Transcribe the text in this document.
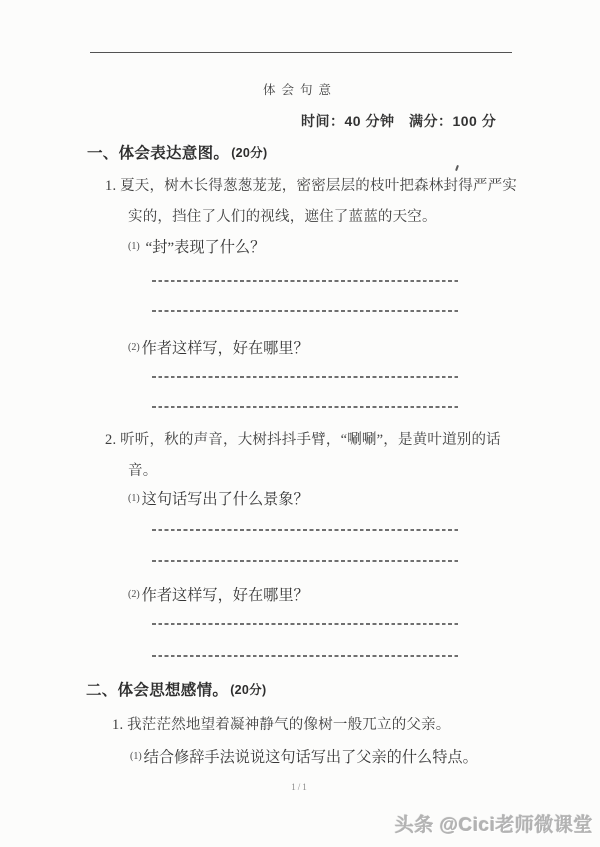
体会句意
时间：40 分钟　满分：100 分
一、体会表达意图。 (20分)
1. 夏天，树木长得葱葱茏茏，密密层层的枝叶把森林封得严严实
实的，挡住了人们的视线，遮住了蓝蓝的天空。
$^{(1)}$ “封”表现了什么？
$^{(2)}$ 作者这样写，好在哪里？
2. 听听，秋的声音，大树抖抖手臂，“唰唰”，是黄叶道别的话
音。
$^{(1)}$ 这句话写出了什么景象？
$^{(2)}$ 作者这样写，好在哪里？
二、体会思想感情。 (20分)
1. 我茫茫然地望着凝神静气的像树一般兀立的父亲。
$^{(1)}$ 结合修辞手法说说这句话写出了父亲的什么特点。
1/1
头条 @Cici老师微课堂
